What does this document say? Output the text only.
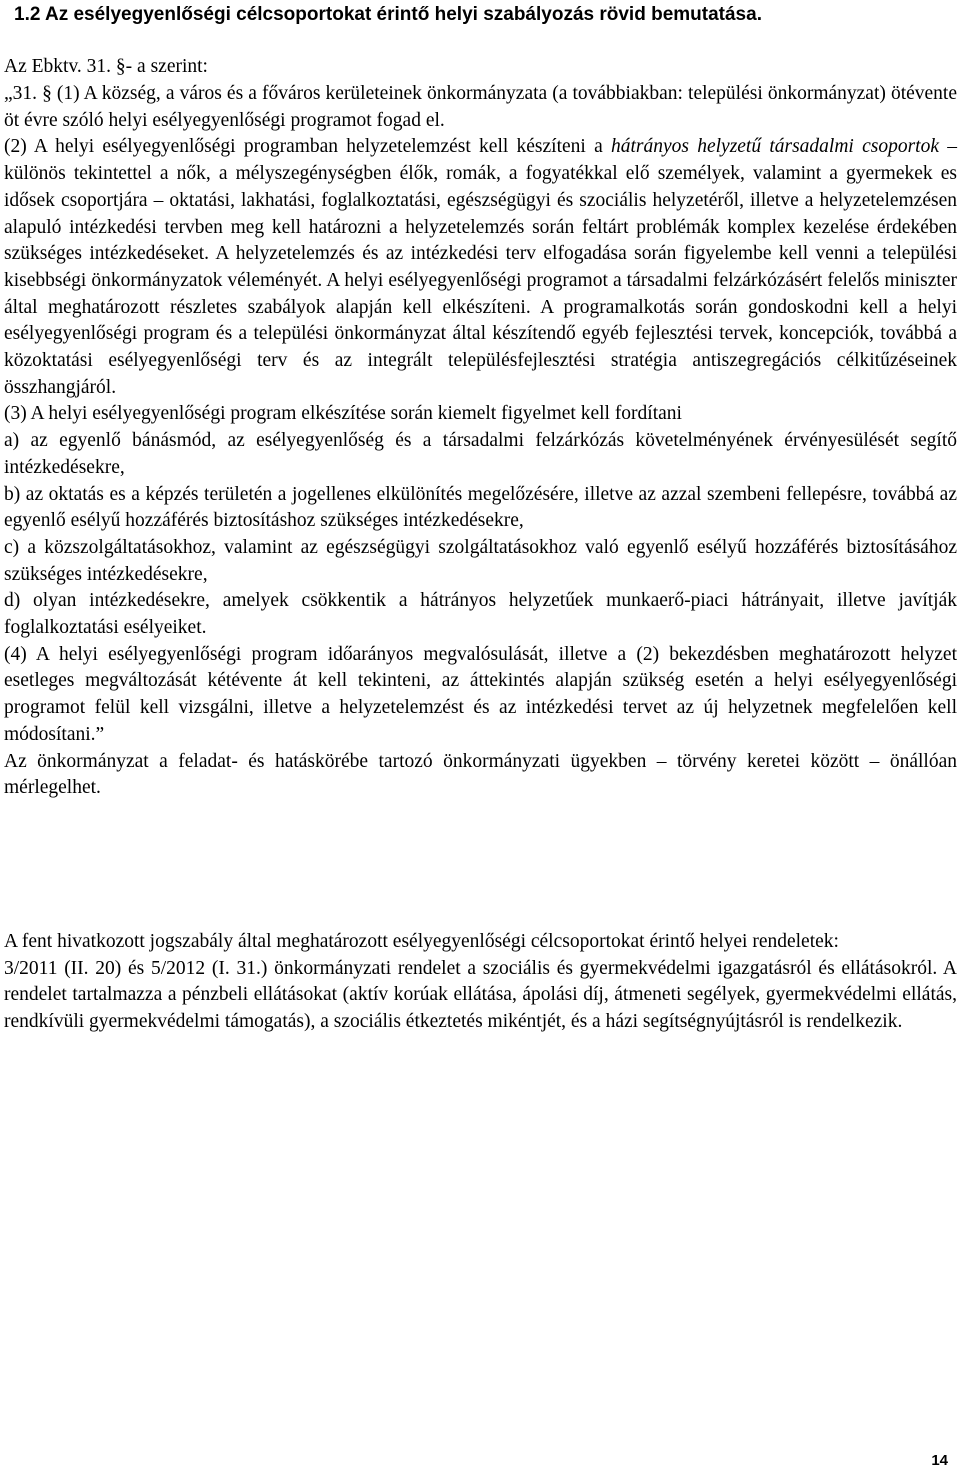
1.2 Az esélyegyenlőségi célcsoportokat érintő helyi szabályozás rövid bemutatása.

Az Ebktv. 31. §- a szerint:

„31. § (1) A község, a város és a főváros kerületeinek önkormányzata (a továbbiakban: települési önkormányzat) ötévente öt évre szóló helyi esélyegyenlőségi programot fogad el.

(2) A helyi esélyegyenlőségi programban helyzetelemzést kell készíteni a hátrányos helyzetű társadalmi csoportok – különös tekintettel a nők, a mélyszegénységben élők, romák, a fogyatékkal elő személyek, valamint a gyermekek es idősek csoportjára – oktatási, lakhatási, foglalkoztatási, egészségügyi és szociális helyzetéről, illetve a helyzetelemzésen alapuló intézkedési tervben meg kell határozni a helyzetelemzés során feltárt problémák komplex kezelése érdekében szükséges intézkedéseket. A helyzetelemzés és az intézkedési terv elfogadása során figyelembe kell venni a települési kisebbségi önkormányzatok véleményét. A helyi esélyegyenlőségi programot a társadalmi felzárkózásért felelős miniszter által meghatározott részletes szabályok alapján kell elkészíteni. A programalkotás során gondoskodni kell a helyi esélyegyenlőségi program és a települési önkormányzat által készítendő egyéb fejlesztési tervek, koncepciók, továbbá a közoktatási esélyegyenlőségi terv és az integrált településfejlesztési stratégia antiszegregációs célkitűzéseinek összhangjáról.

(3) A helyi esélyegyenlőségi program elkészítése során kiemelt figyelmet kell fordítani

a) az egyenlő bánásmód, az esélyegyenlőség és a társadalmi felzárkózás követelményének érvényesülését segítő intézkedésekre,

b) az oktatás es a képzés területén a jogellenes elkülönítés megelőzésére, illetve az azzal szembeni fellepésre, továbbá az egyenlő esélyű hozzáférés biztosításhoz szükséges intézkedésekre,

c) a közszolgáltatásokhoz, valamint az egészségügyi szolgáltatásokhoz való egyenlő esélyű hozzáférés biztosításához szükséges intézkedésekre,

d) olyan intézkedésekre, amelyek csökkentik a hátrányos helyzetűek munkaerő-piaci hátrányait, illetve javítják foglalkoztatási esélyeiket.

(4) A helyi esélyegyenlőségi program időarányos megvalósulását, illetve a (2) bekezdésben meghatározott helyzet esetleges megváltozását kétévente át kell tekinteni, az áttekintés alapján szükség esetén a helyi esélyegyenlőségi programot felül kell vizsgálni, illetve a helyzetelemzést és az intézkedési tervet az új helyzetnek megfelelően kell módosítani.”

Az önkormányzat a feladat- és hatáskörébe tartozó önkormányzati ügyekben – törvény keretei között – önállóan mérlegelhet.

A fent hivatkozott jogszabály által meghatározott esélyegyenlőségi célcsoportokat érintő helyei rendeletek:

3/2011 (II. 20) és 5/2012 (I. 31.) önkormányzati rendelet a szociális és gyermekvédelmi igazgatásról és ellátásokról. A rendelet tartalmazza a pénzbeli ellátásokat (aktív korúak ellátása, ápolási díj, átmeneti segélyek, gyermekvédelmi ellátás, rendkívüli gyermekvédelmi támogatás), a szociális étkeztetés mikéntjét, és a házi segítségnyújtásról is rendelkezik.

14
